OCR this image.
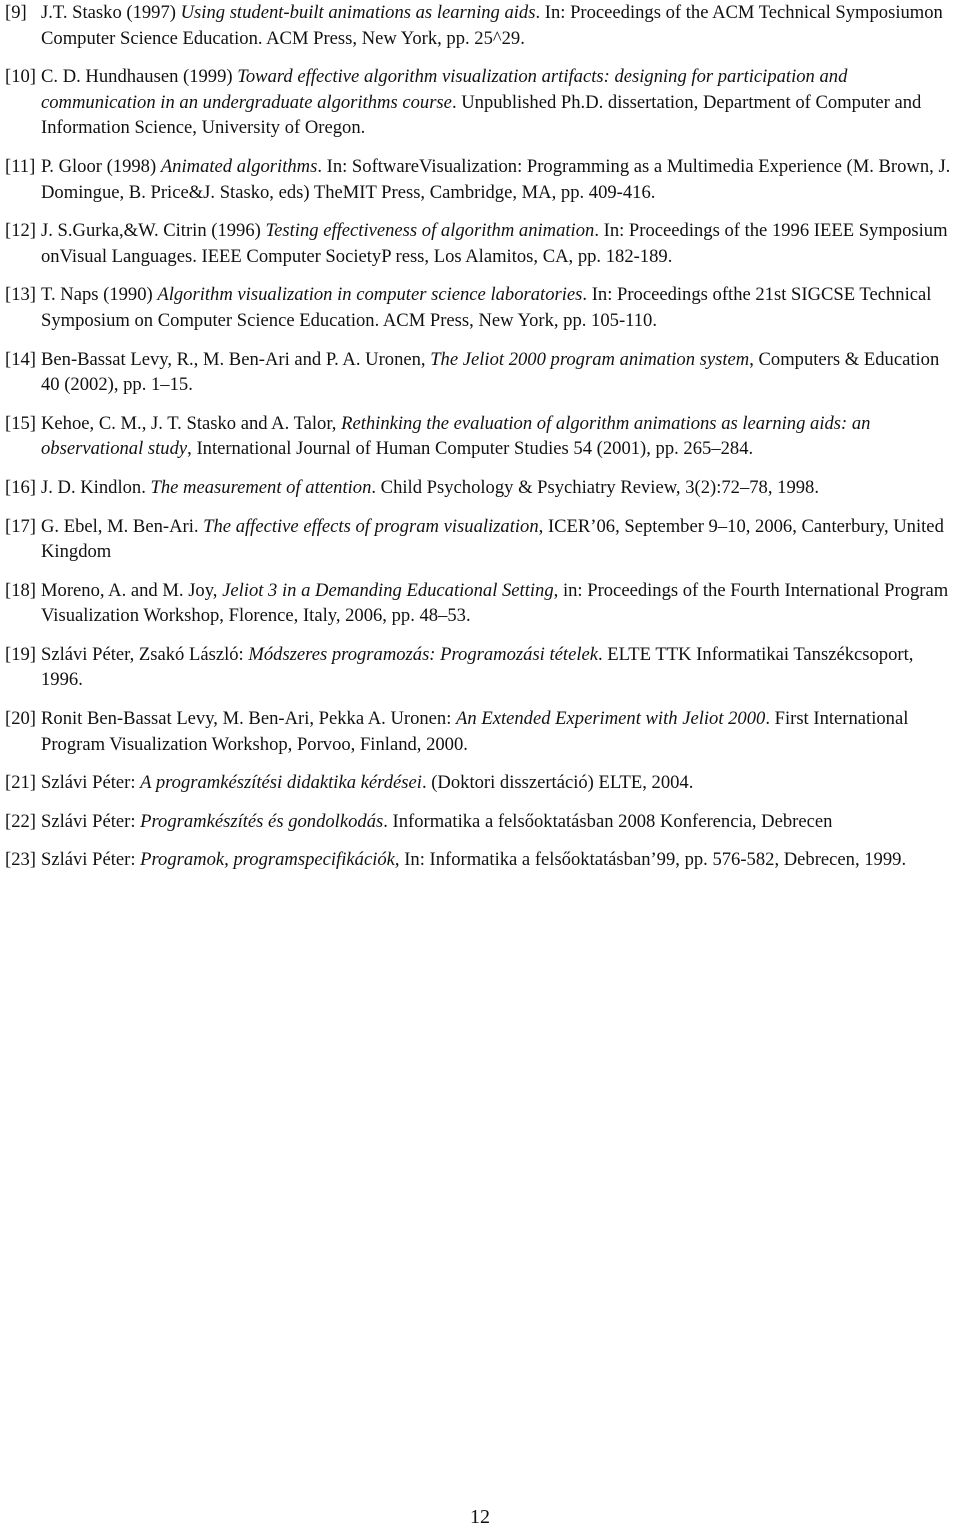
[9] J.T. Stasko (1997) Using student-built animations as learning aids. In: Proceedings of the ACM Technical Symposiumon Computer Science Education. ACM Press, New York, pp. 25^29.
[10] C. D. Hundhausen (1999) Toward effective algorithm visualization artifacts: designing for participation and communication in an undergraduate algorithms course. Unpublished Ph.D. dissertation, Department of Computer and Information Science, University of Oregon.
[11] P. Gloor (1998) Animated algorithms. In: SoftwareVisualization: Programming as a Multimedia Experience (M. Brown, J. Domingue, B. Price&J. Stasko, eds) TheMIT Press, Cambridge, MA, pp. 409-416.
[12] J. S.Gurka,&W. Citrin (1996) Testing effectiveness of algorithm animation. In: Proceedings of the 1996 IEEE Symposium onVisual Languages. IEEE Computer SocietyP ress, Los Alamitos, CA, pp. 182-189.
[13] T. Naps (1990) Algorithm visualization in computer science laboratories. In: Proceedings ofthe 21st SIGCSE Technical Symposium on Computer Science Education. ACM Press, New York, pp. 105-110.
[14] Ben-Bassat Levy, R., M. Ben-Ari and P. A. Uronen, The Jeliot 2000 program animation system, Computers & Education 40 (2002), pp. 1–15.
[15] Kehoe, C. M., J. T. Stasko and A. Talor, Rethinking the evaluation of algorithm animations as learning aids: an observational study, International Journal of Human Computer Studies 54 (2001), pp. 265–284.
[16] J. D. Kindlon. The measurement of attention. Child Psychology & Psychiatry Review, 3(2):72–78, 1998.
[17] G. Ebel, M. Ben-Ari. The affective effects of program visualization, ICER’06, September 9–10, 2006, Canterbury, United Kingdom
[18] Moreno, A. and M. Joy, Jeliot 3 in a Demanding Educational Setting, in: Proceedings of the Fourth International Program Visualization Workshop, Florence, Italy, 2006, pp. 48–53.
[19] Szlávi Péter, Zsakó László: Módszeres programozás: Programozási tételek. ELTE TTK Informatikai Tanszékcsoport, 1996.
[20] Ronit Ben-Bassat Levy, M. Ben-Ari, Pekka A. Uronen: An Extended Experiment with Jeliot 2000. First International Program Visualization Workshop, Porvoo, Finland, 2000.
[21] Szlávi Péter: A programkészítési didaktika kérdései. (Doktori disszertáció) ELTE, 2004.
[22] Szlávi Péter: Programkészítés és gondolkodás. Informatika a felsőoktatásban 2008 Konferencia, Debrecen
[23] Szlávi Péter: Programok, programspecifikációk, In: Informatika a felsőoktatásban’99, pp. 576-582, Debrecen, 1999.
12
